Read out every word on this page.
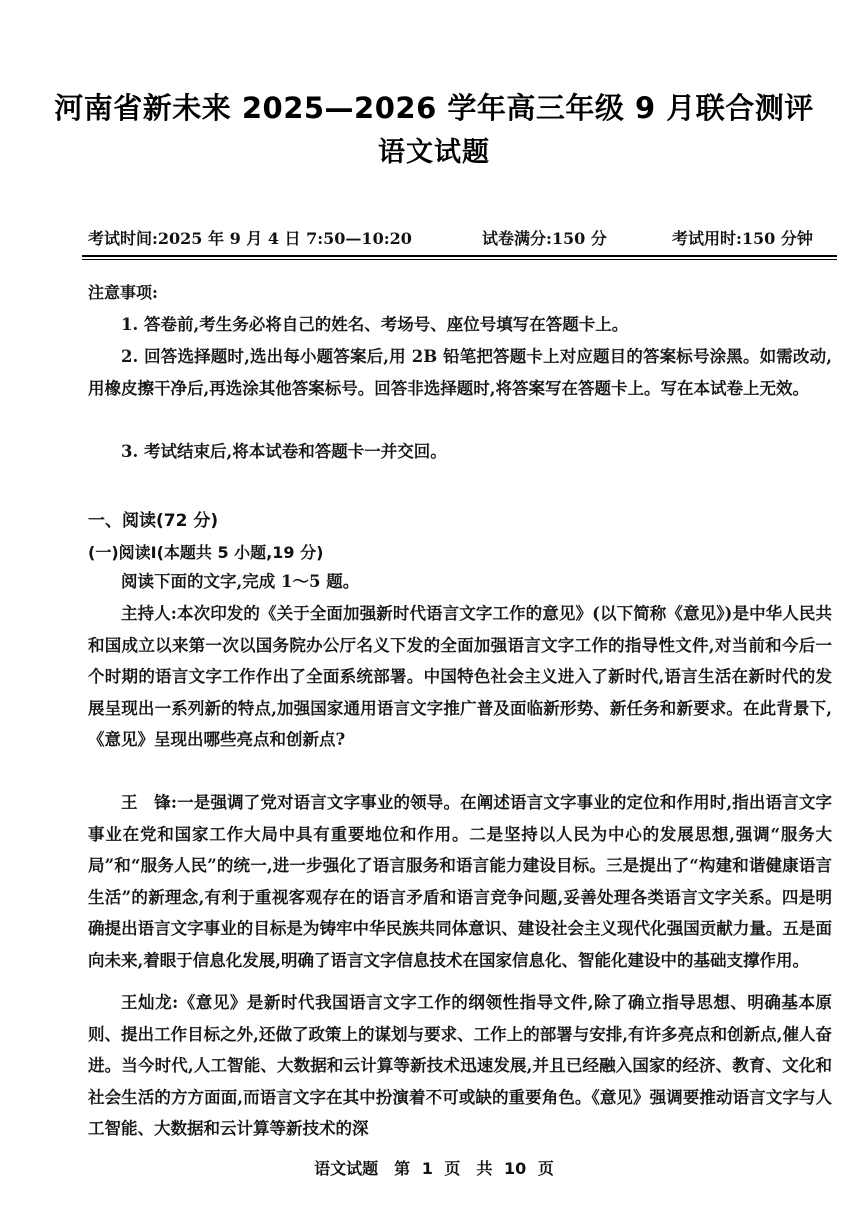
河南省新未来 2025—2026 学年高三年级 9 月联合测评
语文试题
考试时间:2025 年 9 月 4 日 7:50—10:20	试卷满分:150 分	考试用时:150 分钟
注意事项:
1. 答卷前,考生务必将自己的姓名、考场号、座位号填写在答题卡上。
2. 回答选择题时,选出每小题答案后,用 2B 铅笔把答题卡上对应题目的答案标号涂黑。如需改动,用橡皮擦干净后,再选涂其他答案标号。回答非选择题时,将答案写在答题卡上。写在本试卷上无效。
3. 考试结束后,将本试卷和答题卡一并交回。
一、阅读(72 分)
(一)阅读Ⅰ(本题共 5 小题,19 分)
阅读下面的文字,完成 1～5 题。
主持人:本次印发的《关于全面加强新时代语言文字工作的意见》(以下简称《意见》)是中华人民共和国成立以来第一次以国务院办公厅名义下发的全面加强语言文字工作的指导性文件,对当前和今后一个时期的语言文字工作作出了全面系统部署。中国特色社会主义进入了新时代,语言生活在新时代的发展呈现出一系列新的特点,加强国家通用语言文字推广普及面临新形势、新任务和新要求。在此背景下,《意见》呈现出哪些亮点和创新点?
王　锋:一是强调了党对语言文字事业的领导。在阐述语言文字事业的定位和作用时,指出语言文字事业在党和国家工作大局中具有重要地位和作用。二是坚持以人民为中心的发展思想,强调“服务大局”和“服务人民”的统一,进一步强化了语言服务和语言能力建设目标。三是提出了“构建和谐健康语言生活”的新理念,有利于重视客观存在的语言矛盾和语言竞争问题,妥善处理各类语言文字关系。四是明确提出语言文字事业的目标是为铸牢中华民族共同体意识、建设社会主义现代化强国贡献力量。五是面向未来,着眼于信息化发展,明确了语言文字信息技术在国家信息化、智能化建设中的基础支撑作用。
王灿龙:《意见》是新时代我国语言文字工作的纲领性指导文件,除了确立指导思想、明确基本原则、提出工作目标之外,还做了政策上的谋划与要求、工作上的部署与安排,有许多亮点和创新点,催人奋进。当今时代,人工智能、大数据和云计算等新技术迅速发展,并且已经融入国家的经济、教育、文化和社会生活的方方面面,而语言文字在其中扮演着不可或缺的重要角色。《意见》强调要推动语言文字与人工智能、大数据和云计算等新技术的深
语文试题　第 1 页　共 10 页
